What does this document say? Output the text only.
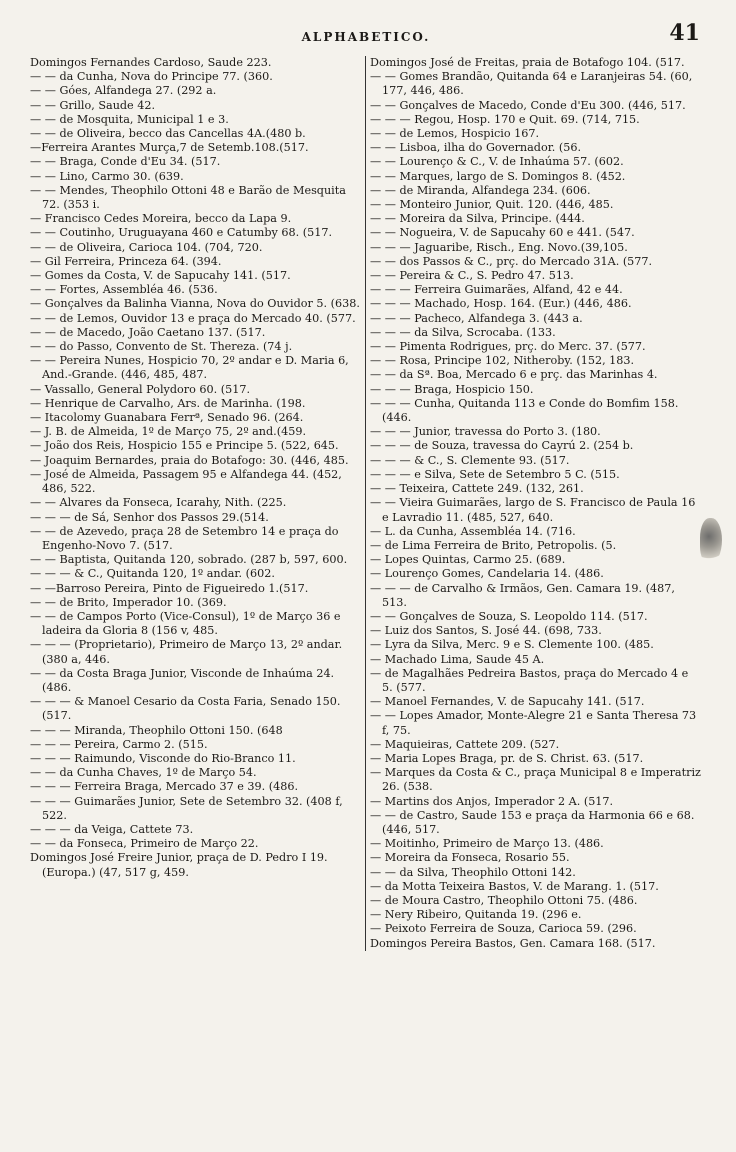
ALPHABETICO.	41
Domingos Fernandes Cardoso, Saude 223.
— — da Cunha, Nova do Principe 77. (360.
— — Góes, Alfandega 27. (292 a.
— — Grillo, Saude 42.
— — de Mosquita, Municipal 1 e 3.
— — de Oliveira, becco das Cancellas 4A.(480 b.
—Ferreira Arantes Murça,7 de Setemb.108.(517.
— — Braga, Conde d'Eu 34. (517.
— — Lino, Carmo 30. (639.
— — Mendes, Theophilo Ottoni 48 e Barão de Mesquita 72. (353 i.
— Francisco Cedes Moreira, becco da Lapa 9.
— — Coutinho, Uruguayana 460 e Catumby 68. (517.
— — de Oliveira, Carioca 104. (704, 720.
— Gil Ferreira, Princeza 64. (394.
— Gomes da Costa, V. de Sapucahy 141. (517.
— — Fortes, Assembléa 46. (536.
— Gonçalves da Balinha Vianna, Nova do Ouvidor 5. (638.
— — de Lemos, Ouvidor 13 e praça do Mercado 40. (577.
— — de Macedo, João Caetano 137. (517.
— — do Passo, Convento de St. Thereza. (74 j.
— — Pereira Nunes, Hospicio 70, 2º andar e D. Maria 6, And.-Grande. (446, 485, 487.
— Vassallo, General Polydoro 60. (517.
— Henrique de Carvalho, Ars. de Marinha. (198.
— Itacolomy Guanabara Ferrª, Senado 96. (264.
— J. B. de Almeida, 1º de Março 75, 2º and.(459.
— João dos Reis, Hospicio 155 e Principe 5. (522, 645.
— Joaquim Bernardes, praia do Botafogo: 30. (446, 485.
— José de Almeida, Passagem 95 e Alfandega 44. (452, 486, 522.
— — Alvares da Fonseca, Icarahy, Nith. (225.
— — — de Sá, Senhor dos Passos 29.(514.
— — de Azevedo, praça 28 de Setembro 14 e praça do Engenho-Novo 7. (517.
— — Baptista, Quitanda 120, sobrado. (287 b, 597, 600.
— — — & C., Quitanda 120, 1º andar. (602.
— —Barroso Pereira, Pinto de Figueiredo 1.(517.
— — de Brito, Imperador 10. (369.
— — de Campos Porto (Vice-Consul), 1º de Março 36 e ladeira da Gloria 8 (156 v, 485.
— — — (Proprietario), Primeiro de Março 13, 2º andar. (380 a, 446.
— — da Costa Braga Junior, Visconde de Inhaúma 24. (486.
— — — & Manoel Cesario da Costa Faria, Senado 150. (517.
— — — Miranda, Theophilo Ottoni 150. (648
— — — Pereira, Carmo 2. (515.
— — — Raimundo, Visconde do Rio-Branco 11.
— — da Cunha Chaves, 1º de Março 54.
— — — Ferreira Braga, Mercado 37 e 39. (486.
— — — Guimarães Junior, Sete de Setembro 32. (408 f, 522.
— — — da Veiga, Cattete 73.
— — da Fonseca, Primeiro de Março 22.
Domingos José Freire Junior, praça de D. Pedro I 19. (Europa.) (47, 517 g, 459.
Domingos José de Freitas, praia de Botafogo 104. (517.
— — Gomes Brandão, Quitanda 64 e Laranjeiras 54. (60, 177, 446, 486.
— — Gonçalves de Macedo, Conde d'Eu 300. (446, 517.
— — — Regou, Hosp. 170 e Quit. 69. (714, 715.
— — de Lemos, Hospicio 167.
— — Lisboa, ilha do Governador. (56.
— — Lourenço & C., V. de Inhaúma 57. (602.
— — Marques, largo de S. Domingos 8. (452.
— — de Miranda, Alfandega 234. (606.
— — Monteiro Junior, Quit. 120. (446, 485.
— — Moreira da Silva, Principe. (444.
— — Nogueira, V. de Sapucahy 60 e 441. (547.
— — — Jaguaribe, Risch., Eng. Novo.(39,105.
— — dos Passos & C., prç. do Mercado 31A. (577.
— — Pereira & C., S. Pedro 47. 513.
— — — Ferreira Guimarães, Alfand, 42 e 44.
— — — Machado, Hosp. 164. (Eur.) (446, 486.
— — — Pacheco, Alfandega 3. (443 a.
— — — da Silva, Scrocaba. (133.
— — Pimenta Rodrigues, prç. do Merc. 37. (577.
— — Rosa, Principe 102, Nitheroby. (152, 183.
— — da Sª. Boa, Mercado 6 e prç. das Marinhas 4.
— — — Braga, Hospicio 150.
— — — Cunha, Quitanda 113 e Conde do Bomfim 158. (446.
— — — Junior, travessa do Porto 3. (180.
— — — de Souza, travessa do Cayrú 2. (254 b.
— — — & C., S. Clemente 93. (517.
— — — e Silva, Sete de Setembro 5 C. (515.
— — Teixeira, Cattete 249. (132, 261.
— — Vieira Guimarães, largo de S. Francisco de Paula 16 e Lavradio 11. (485, 527, 640.
— L. da Cunha, Assembléa 14. (716.
— de Lima Ferreira de Brito, Petropolis. (5.
— Lopes Quintas, Carmo 25. (689.
— Lourenço Gomes, Candelaria 14. (486.
— — — de Carvalho & Irmãos, Gen. Camara 19. (487, 513.
— — Gonçalves de Souza, S. Leopoldo 114. (517.
— Luiz dos Santos, S. José 44. (698, 733.
— Lyra da Silva, Merc. 9 e S. Clemente 100. (485.
— Machado Lima, Saude 45 A.
— de Magalhães Pedreira Bastos, praça do Mercado 4 e 5. (577.
— Manoel Fernandes, V. de Sapucahy 141. (517.
— — Lopes Amador, Monte-Alegre 21 e Santa Theresa 73 f, 75.
— Maquieiras, Cattete 209. (527.
— Maria Lopes Braga, pr. de S. Christ. 63. (517.
— Marques da Costa & C., praça Municipal 8 e Imperatriz 26. (538.
— Martins dos Anjos, Imperador 2 A. (517.
— — de Castro, Saude 153 e praça da Harmonia 66 e 68. (446, 517.
— Moitinho, Primeiro de Março 13. (486.
— Moreira da Fonseca, Rosario 55.
— — da Silva, Theophilo Ottoni 142.
— da Motta Teixeira Bastos, V. de Marang. 1. (517.
— de Moura Castro, Theophilo Ottoni 75. (486.
— Nery Ribeiro, Quitanda 19. (296 e.
— Peixoto Ferreira de Souza, Carioca 59. (296.
Domingos Pereira Bastos, Gen. Camara 168. (517.
